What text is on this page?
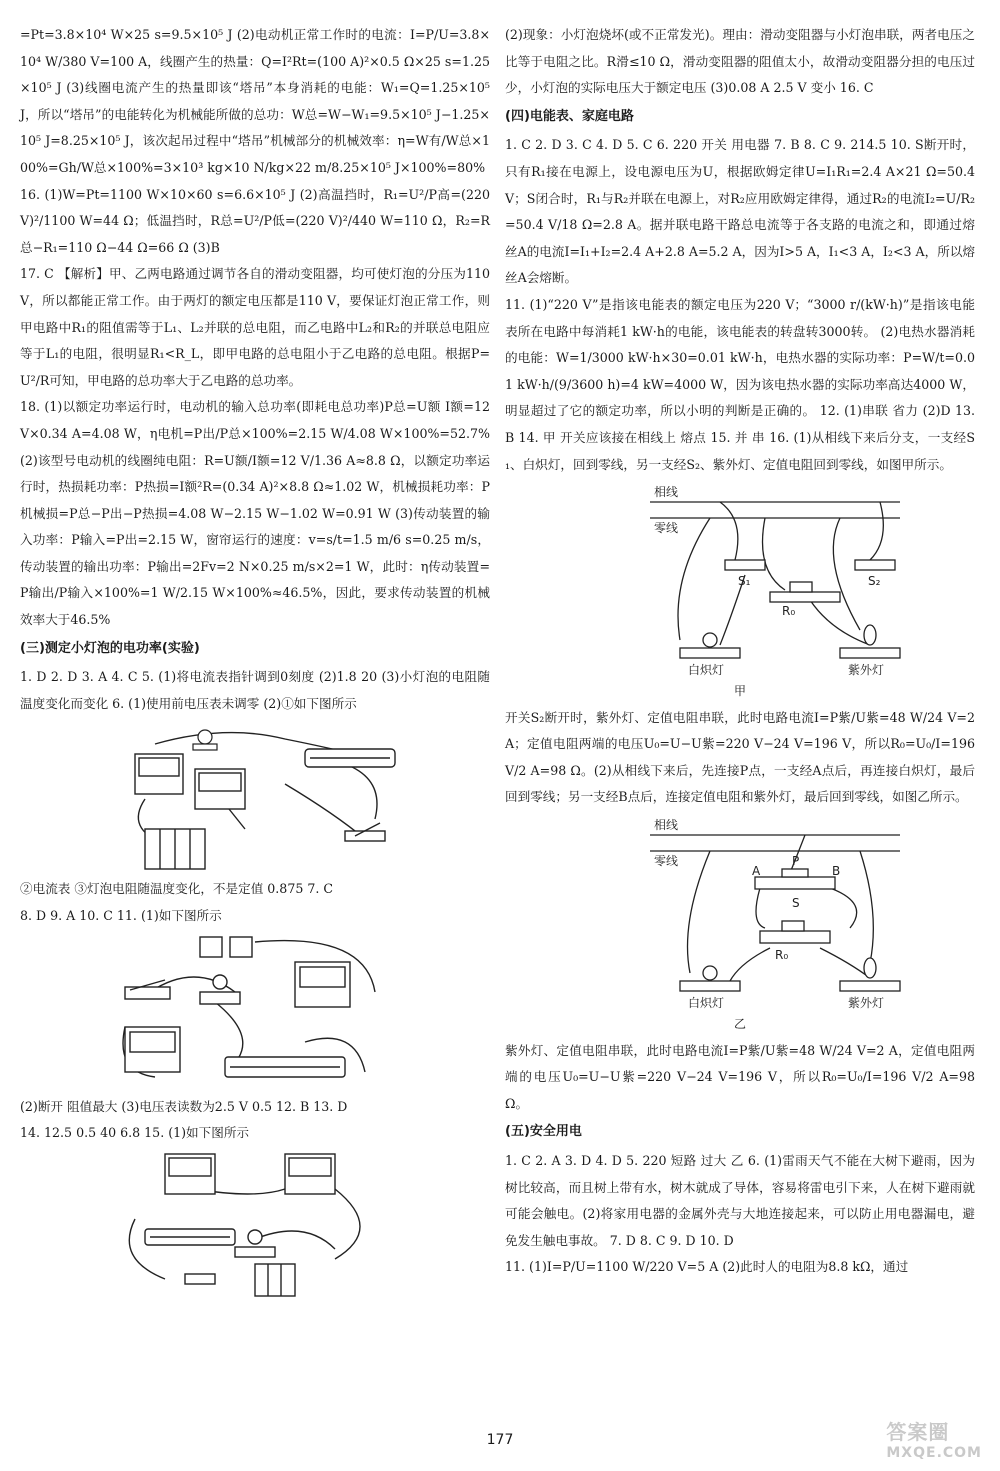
=Pt=3.8×10⁴ W×25 s=9.5×10⁵ J (2)电动机正常工作时的电流：I=P/U=3.8×10⁴ W/380 V=100 A，线圈产生的热量：Q=I²Rt=(100 A)²×0.5 Ω×25 s=1.25×10⁵ J (3)线圈电流产生的热量即该“塔吊”本身消耗的电能：W₁=Q=1.25×10⁵ J，所以“塔吊”的电能转化为机械能所做的总功：W总=W−W₁=9.5×10⁵ J−1.25×10⁵ J=8.25×10⁵ J，该次起吊过程中“塔吊”机械部分的机械效率：η=W有/W总×100%=Gh/W总×100%=3×10³ kg×10 N/kg×22 m/8.25×10⁵ J×100%=80%

16. (1)W=Pt=1100 W×10×60 s=6.6×10⁵ J (2)高温挡时，R₁=U²/P高=(220 V)²/1100 W=44 Ω；低温挡时，R总=U²/P低=(220 V)²/440 W=110 Ω，R₂=R总−R₁=110 Ω−44 Ω=66 Ω (3)B

17. C 【解析】甲、乙两电路通过调节各自的滑动变阻器，均可使灯泡的分压为110 V，所以都能正常工作。由于两灯的额定电压都是110 V，要保证灯泡正常工作，则甲电路中R₁的阻值需等于L₁、L₂并联的总电阻，而乙电路中L₂和R₂的并联总电阻应等于L₁的电阻，很明显R₁<R_L，即甲电路的总电阻小于乙电路的总电阻。根据P=U²/R可知，甲电路的总功率大于乙电路的总功率。

18. (1)以额定功率运行时，电动机的输入总功率(即耗电总功率)P总=U额 I额=12 V×0.34 A=4.08 W，η电机=P出/P总×100%=2.15 W/4.08 W×100%=52.7% (2)该型号电动机的线圈纯电阻：R=U额/I额=12 V/1.36 A≈8.8 Ω，以额定功率运行时，热损耗功率：P热损=I额²R=(0.34 A)²×8.8 Ω≈1.02 W，机械损耗功率：P机械损=P总−P出−P热损=4.08 W−2.15 W−1.02 W=0.91 W (3)传动装置的输入功率：P输入=P出=2.15 W，窗帘运行的速度：v=s/t=1.5 m/6 s=0.25 m/s，传动装置的输出功率：P输出=2Fv=2 N×0.25 m/s×2=1 W，此时：η传动装置=P输出/P输入×100%=1 W/2.15 W×100%≈46.5%，因此，要求传动装置的机械效率大于46.5%

(三)测定小灯泡的电功率(实验)

1. D 2. D 3. A 4. C 5. (1)将电流表指针调到0刻度 (2)1.8 20 (3)小灯泡的电阻随温度变化而变化 6. (1)使用前电压表未调零 (2)①如下图所示

②电流表 ③灯泡电阻随温度变化，不是定值 0.875 7. C

8. D 9. A 10. C 11. (1)如下图所示

(2)断开 阻值最大 (3)电压表读数为2.5 V 0.5 12. B 13. D

14. 12.5 0.5 40 6.8 15. (1)如下图所示

(2)现象：小灯泡烧坏(或不正常发光)。理由：滑动变阻器与小灯泡串联，两者电压之比等于电阻之比。R滑≤10 Ω，滑动变阻器的阻值太小，故滑动变阻器分担的电压过少，小灯泡的实际电压大于额定电压 (3)0.08 A 2.5 V 变小 16. C

(四)电能表、家庭电路

1. C 2. D 3. C 4. D 5. C 6. 220 开关 用电器 7. B 8. C 9. 214.5 10. S断开时，只有R₁接在电源上，设电源电压为U，根据欧姆定律U=I₁R₁=2.4 A×21 Ω=50.4 V；S闭合时，R₁与R₂并联在电源上，对R₂应用欧姆定律得，通过R₂的电流I₂=U/R₂=50.4 V/18 Ω=2.8 A。据并联电路干路总电流等于各支路的电流之和，即通过熔丝A的电流I=I₁+I₂=2.4 A+2.8 A=5.2 A，因为I>5 A，I₁<3 A，I₂<3 A，所以熔丝A会熔断。

11. (1)“220 V”是指该电能表的额定电压为220 V；“3000 r/(kW·h)”是指该电能表所在电路中每消耗1 kW·h的电能，该电能表的转盘转3000转。 (2)电热水器消耗的电能：W=1/3000 kW·h×30=0.01 kW·h，电热水器的实际功率：P=W/t=0.01 kW·h/(9/3600 h)=4 kW=4000 W，因为该电热水器的实际功率高达4000 W，明显超过了它的额定功率，所以小明的判断是正确的。 12. (1)串联 省力 (2)D 13. B 14. 甲 开关应该接在相线上 熔点 15. 并 串 16. (1)从相线下来后分支，一支经S₁、白炽灯，回到零线，另一支经S₂、紫外灯、定值电阻回到零线，如图甲所示。

相线
零线
S₁	S₂
R₀
白炽灯	紫外灯
甲

开关S₂断开时，紫外灯、定值电阻串联，此时电路电流I=P紫/U紫=48 W/24 V=2 A；定值电阻两端的电压U₀=U−U紫=220 V−24 V=196 V，所以R₀=U₀/I=196 V/2 A=98 Ω。(2)从相线下来后，先连接P点，一支经A点后，再连接白炽灯，最后回到零线；另一支经B点后，连接定值电阻和紫外灯，最后回到零线，如图乙所示。

相线
零线
A
P
B
S
R₀
白炽灯	紫外灯
乙

紫外灯、定值电阻串联，此时电路电流I=P紫/U紫=48 W/24 V=2 A，定值电阻两端的电压U₀=U−U紫=220 V−24 V=196 V，所以R₀=U₀/I=196 V/2 A=98 Ω。

(五)安全用电

1. C 2. A 3. D 4. D 5. 220 短路 过大 乙 6. (1)雷雨天气不能在大树下避雨，因为树比较高，而且树上带有水，树木就成了导体，容易将雷电引下来，人在树下避雨就可能会触电。(2)将家用电器的金属外壳与大地连接起来，可以防止用电器漏电，避免发生触电事故。 7. D 8. C 9. D 10. D

11. (1)I=P/U=1100 W/220 V=5 A (2)此时人的电阻为8.8 kΩ，通过

177	答案圈
MXQE.COM
